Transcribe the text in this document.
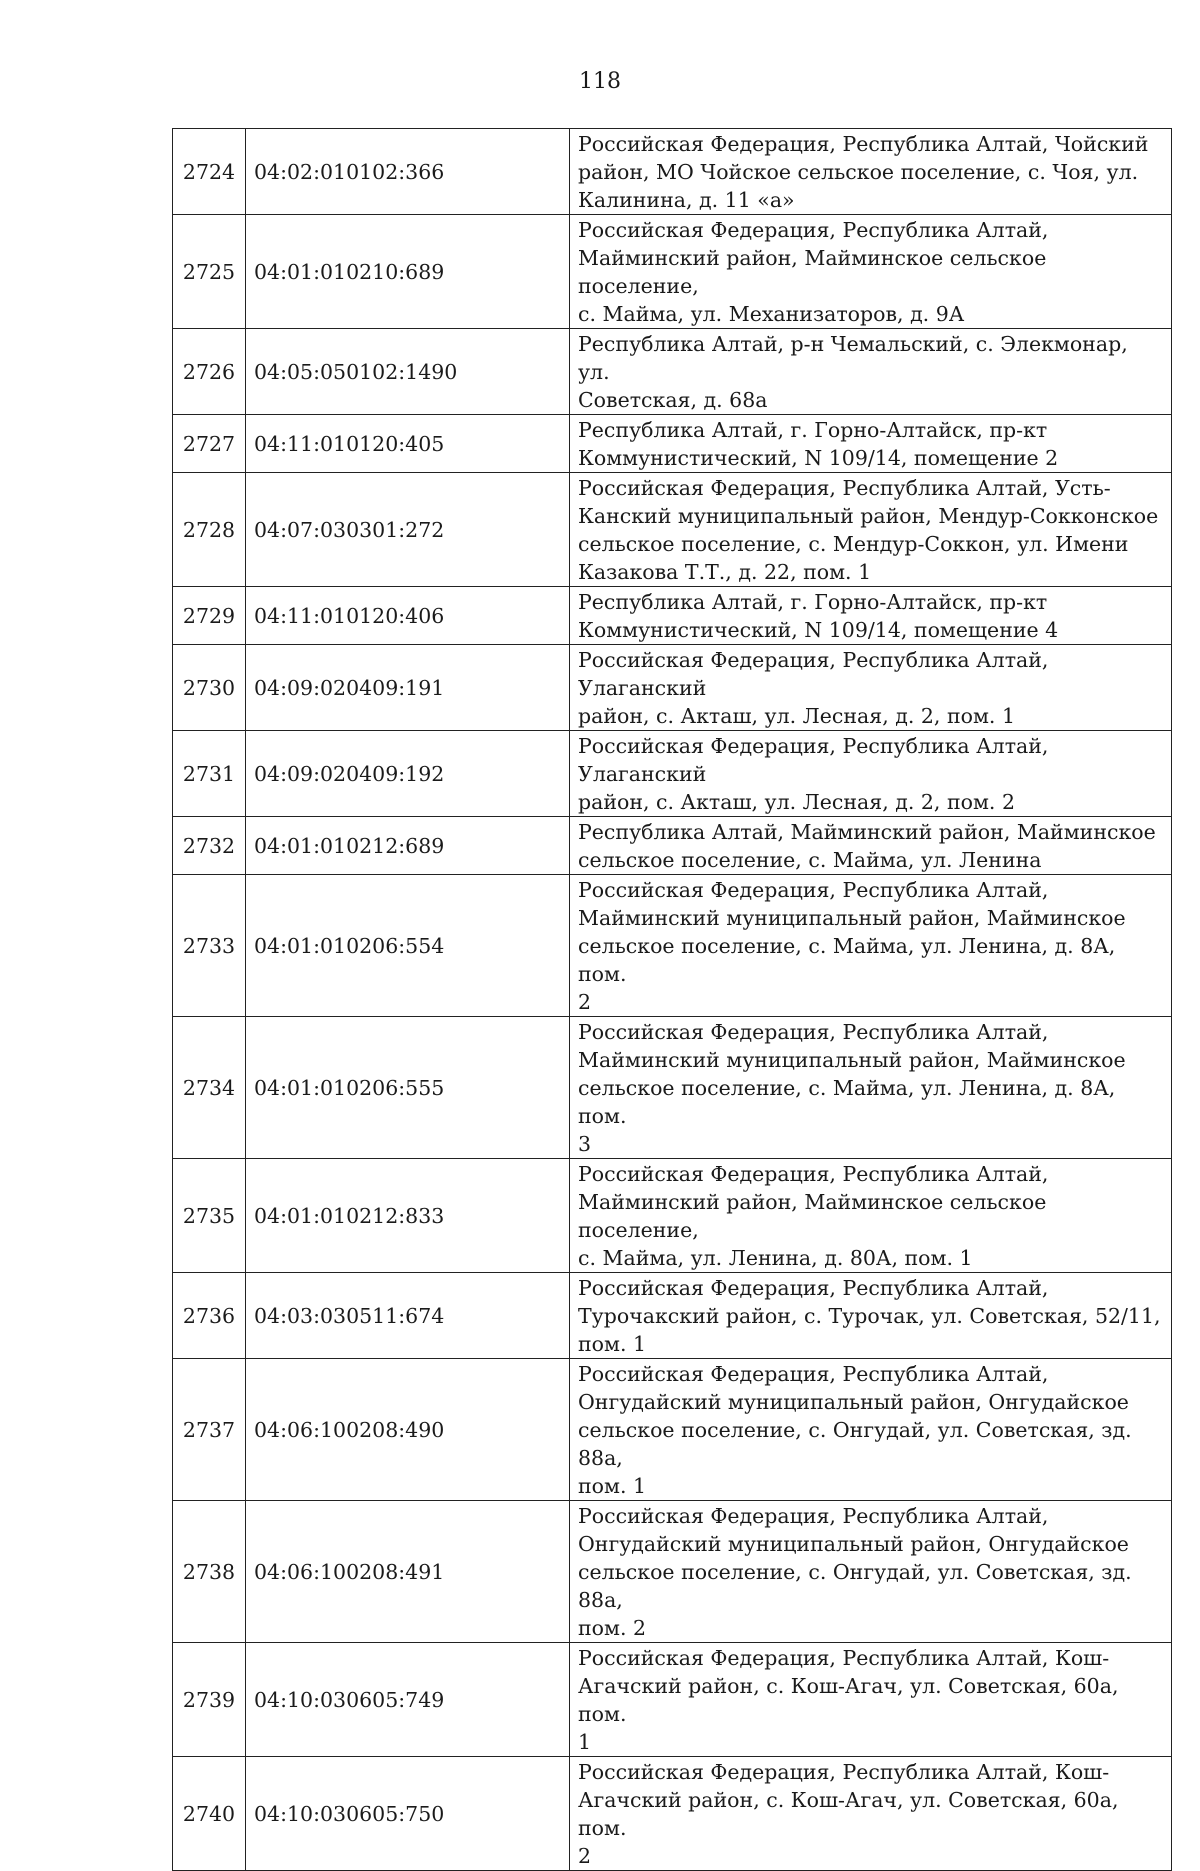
118
2724	04:02:010102:366	Российская Федерация, Республика Алтай, Чойский
район, МО Чойское сельское поселение, с. Чоя, ул.
Калинина, д. 11 «а»

2725	04:01:010210:689	Российская Федерация, Республика Алтай,
Майминский район, Майминское сельское поселение,
с. Майма, ул. Механизаторов, д. 9А

2726	04:05:050102:1490	Республика Алтай, р-н Чемальский, с. Элекмонар, ул.
Советская, д. 68а

2727	04:11:010120:405	Республика Алтай, г. Горно-Алтайск, пр-кт
Коммунистический, N 109/14, помещение 2

2728	04:07:030301:272	Российская Федерация, Республика Алтай, Усть-
Канский муниципальный район, Мендур-Сокконское
сельское поселение, с. Мендур-Соккон, ул. Имени
Казакова Т.Т., д. 22, пом. 1

2729	04:11:010120:406	Республика Алтай, г. Горно-Алтайск, пр-кт
Коммунистический, N 109/14, помещение 4

2730	04:09:020409:191	Российская Федерация, Республика Алтай, Улаганский
район, с. Акташ, ул. Лесная, д. 2, пом. 1

2731	04:09:020409:192	Российская Федерация, Республика Алтай, Улаганский
район, с. Акташ, ул. Лесная, д. 2, пом. 2

2732	04:01:010212:689	Республика Алтай, Майминский район, Майминское
сельское поселение, с. Майма, ул. Ленина

2733	04:01:010206:554	Российская Федерация, Республика Алтай,
Майминский муниципальный район, Майминское
сельское поселение, с. Майма, ул. Ленина, д. 8А, пом.
2

2734	04:01:010206:555	Российская Федерация, Республика Алтай,
Майминский муниципальный район, Майминское
сельское поселение, с. Майма, ул. Ленина, д. 8А, пом.
3

2735	04:01:010212:833	Российская Федерация, Республика Алтай,
Майминский район, Майминское сельское поселение,
с. Майма, ул. Ленина, д. 80А, пом. 1

2736	04:03:030511:674	Российская Федерация, Республика Алтай,
Турочакский район, с. Турочак, ул. Советская, 52/11,
пом. 1

2737	04:06:100208:490	Российская Федерация, Республика Алтай,
Онгудайский муниципальный район, Онгудайское
сельское поселение, с. Онгудай, ул. Советская, зд. 88а,
пом. 1

2738	04:06:100208:491	Российская Федерация, Республика Алтай,
Онгудайский муниципальный район, Онгудайское
сельское поселение, с. Онгудай, ул. Советская, зд. 88а,
пом. 2

2739	04:10:030605:749	Российская Федерация, Республика Алтай, Кош-
Агачский район, с. Кош-Агач, ул. Советская, 60а, пом.
1

2740	04:10:030605:750	Российская Федерация, Республика Алтай, Кош-
Агачский район, с. Кош-Агач, ул. Советская, 60а, пом.
2
